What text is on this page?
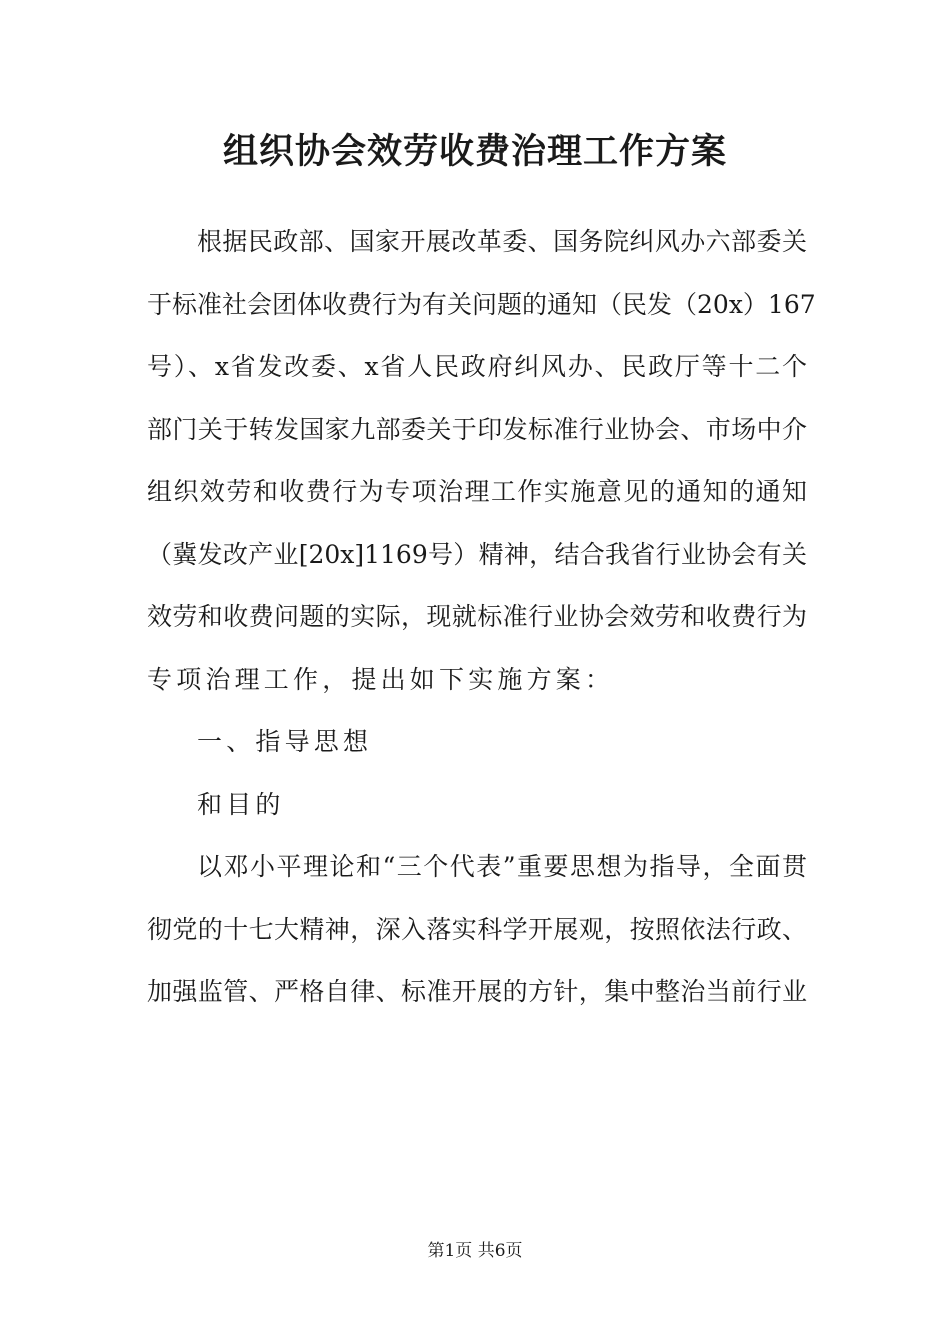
组织协会效劳收费治理工作方案

根据民政部、国家开展改革委、国务院纠风办六部委关

于标准社会团体收费行为有关问题的通知（民发（20x）167

号）、x省发改委、x省人民政府纠风办、民政厅等十二个

部门关于转发国家九部委关于印发标准行业协会、市场中介

组织效劳和收费行为专项治理工作实施意见的通知的通知

（冀发改产业[20x]1169号）精神，结合我省行业协会有关

效劳和收费问题的实际，现就标准行业协会效劳和收费行为

专项治理工作，提出如下实施方案：

一、指导思想

和目的

以邓小平理论和“三个代表”重要思想为指导，全面贯

彻党的十七大精神，深入落实科学开展观，按照依法行政、

加强监管、严格自律、标准开展的方针，集中整治当前行业

第1页 共6页
